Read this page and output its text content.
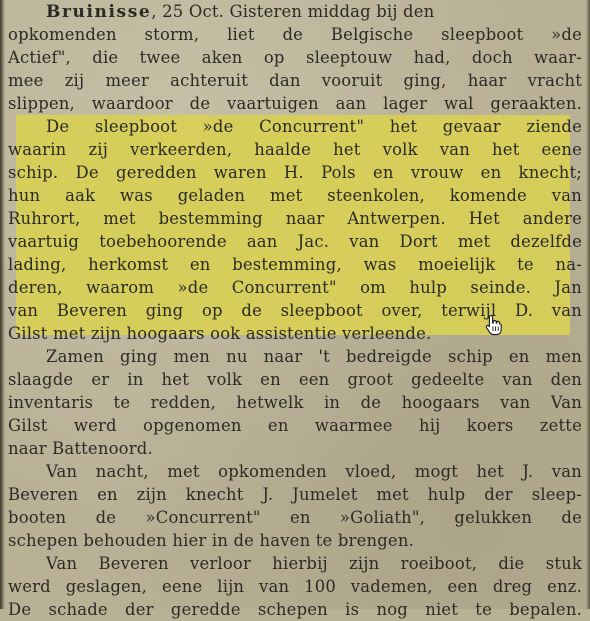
Bruinisse, 25 Oct. Gisteren middag bij den
opkomenden storm, liet de Belgische sleepboot »de
Actief", die twee aken op sleeptouw had, doch waar-
mee zij meer achteruit dan vooruit ging, haar vracht
slippen, waardoor de vaartuigen aan lager wal geraakten.
De sleepboot »de Concurrent" het gevaar ziende
waarin zij verkeerden, haalde het volk van het eene
schip. De geredden waren H. Pols en vrouw en knecht;
hun aak was geladen met steenkolen, komende van
Ruhrort, met bestemming naar Antwerpen. Het andere
vaartuig toebehoorende aan Jac. van Dort met dezelfde
lading, herkomst en bestemming, was moeielijk te na-
deren, waarom »de Concurrent" om hulp seinde. Jan
van Beveren ging op de sleepboot over, terwijl D. van
Gilst met zijn hoogaars ook assistentie verleende.
Zamen ging men nu naar 't bedreigde schip en men
slaagde er in het volk en een groot gedeelte van den
inventaris te redden, hetwelk in de hoogaars van Van
Gilst werd opgenomen en waarmee hij koers zette
naar Battenoord.
Van nacht, met opkomenden vloed, mogt het J. van
Beveren en zijn knecht J. Jumelet met hulp der sleep-
booten de »Concurrent" en »Goliath", gelukken de
schepen behouden hier in de haven te brengen.
Van Beveren verloor hierbij zijn roeiboot, die stuk
werd geslagen, eene lijn van 100 vademen, een dreg enz.
De schade der geredde schepen is nog niet te bepalen.
